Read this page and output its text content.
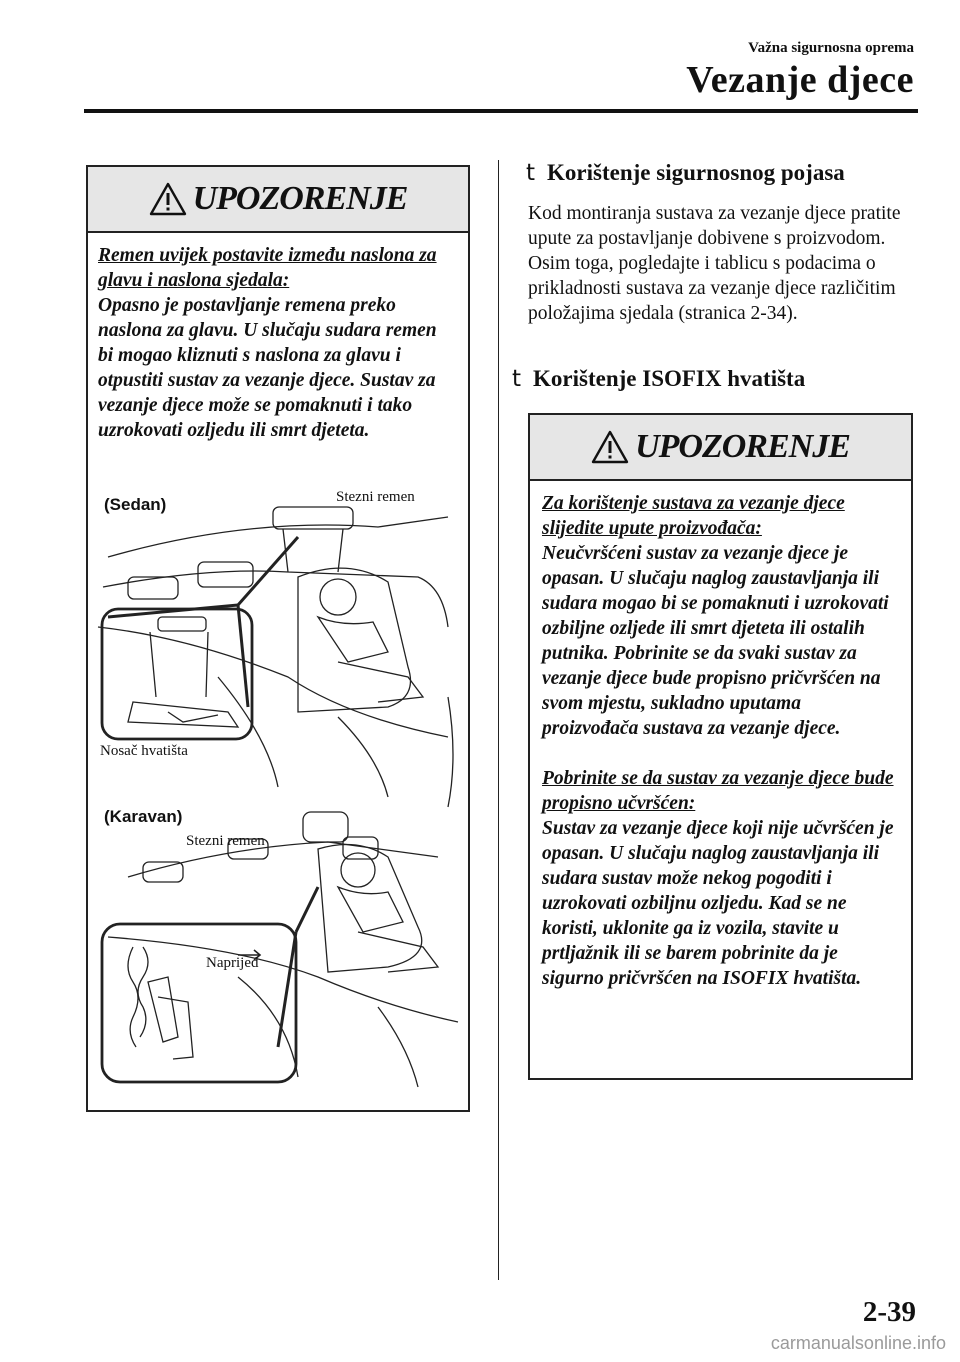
Važna sigurnosna oprema
Vezanje djece
UPOZORENJE

Remen uvijek postavite između naslona za glavu i naslona sjedala:

Opasno je postavljanje remena preko naslona za glavu. U slučaju sudara remen bi mogao kliznuti s naslona za glavu i otpustiti sustav za vezanje djece. Sustav za vezanje djece može se pomaknuti i tako uzrokovati ozljedu ili smrt djeteta.

(Sedan)	Stezni remen
Nosač hvatišta
(Karavan)
Stezni remen
Naprijed
t Korištenje sigurnosnog pojasa
Kod montiranja sustava za vezanje djece pratite upute za postavljanje dobivene s proizvodom. Osim toga, pogledajte i tablicu s podacima o prikladnosti sustava za vezanje djece različitim položajima sjedala (stranica 2-34).
t Korištenje ISOFIX hvatišta
UPOZORENJE

Za korištenje sustava za vezanje djece slijedite upute proizvođača:

Neučvršćeni sustav za vezanje djece je opasan. U slučaju naglog zaustavljanja ili sudara mogao bi se pomaknuti i uzrokovati ozbiljne ozljede ili smrt djeteta ili ostalih putnika. Pobrinite se da svaki sustav za vezanje djece bude propisno pričvršćen na svom mjestu, sukladno uputama proizvođača sustava za vezanje djece.

Pobrinite se da sustav za vezanje djece bude propisno učvršćen:

Sustav za vezanje djece koji nije učvršćen je opasan. U slučaju naglog zaustavljanja ili sudara sustav može nekog pogoditi i uzrokovati ozbiljnu ozljedu. Kad se ne koristi, uklonite ga iz vozila, stavite u prtljažnik ili se barem pobrinite da je sigurno pričvršćen na ISOFIX hvatišta.

2-39
carmanualsonline.info
